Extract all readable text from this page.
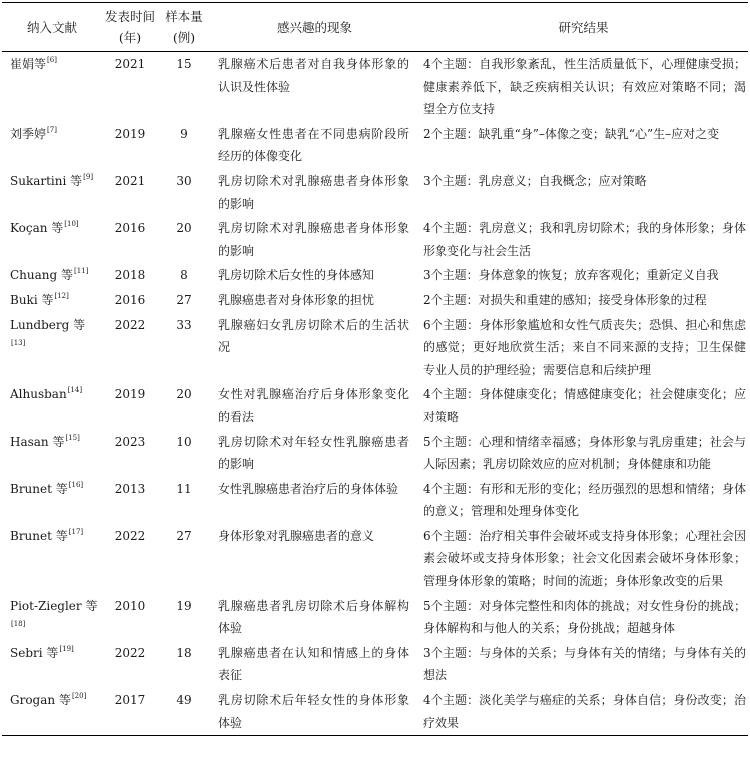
纳入文献	发表时间(年)	样本量(例)	感兴趣的现象	研究结果
崔娟等[6]	2021	15	乳腺癌术后患者对自我身体形象的认识及性体验	4个主题：自我形象紊乱，性生活质量低下，心理健康受损；健康素养低下，缺乏疾病相关认识；有效应对策略不同；渴望全方位支持
刘季婷[7]	2019	9	乳腺癌女性患者在不同患病阶段所经历的体像变化	2个主题：缺乳重“身”–体像之变；缺乳“心”生–应对之变
Sukartini 等[9]	2021	30	乳房切除术对乳腺癌患者身体形象的影响	3个主题：乳房意义；自我概念；应对策略
Koçan 等[10]	2016	20	乳房切除术对乳腺癌患者身体形象的影响	4个主题：乳房意义；我和乳房切除术；我的身体形象；身体形象变化与社会生活
Chuang 等[11]	2018	8	乳房切除术后女性的身体感知	3个主题：身体意象的恢复；放弃客观化；重新定义自我
Buki 等[12]	2016	27	乳腺癌患者对身体形象的担忧	2个主题：对损失和重建的感知；接受身体形象的过程
Lundberg 等[13]	2022	33	乳腺癌妇女乳房切除术后的生活状况	6个主题：身体形象尴尬和女性气质丧失；恐惧、担心和焦虑的感觉；更好地欣赏生活；来自不同来源的支持；卫生保健专业人员的护理经验；需要信息和后续护理
Alhusban[14]	2019	20	女性对乳腺癌治疗后身体形象变化的看法	4个主题：身体健康变化；情感健康变化；社会健康变化；应对策略
Hasan 等[15]	2023	10	乳房切除术对年轻女性乳腺癌患者的影响	5个主题：心理和情绪幸福感；身体形象与乳房重建；社会与人际因素；乳房切除效应的应对机制；身体健康和功能
Brunet 等[16]	2013	11	女性乳腺癌患者治疗后的身体体验	4个主题：有形和无形的变化；经历强烈的思想和情绪；身体的意义；管理和处理身体变化
Brunet 等[17]	2022	27	身体形象对乳腺癌患者的意义	6个主题：治疗相关事件会破坏或支持身体形象；心理社会因素会破坏或支持身体形象；社会文化因素会破坏身体形象；管理身体形象的策略；时间的流逝；身体形象改变的后果
Piot-Ziegler 等[18]	2010	19	乳腺癌患者乳房切除术后身体解构体验	5个主题：对身体完整性和肉体的挑战；对女性身份的挑战；身体解构和与他人的关系；身份挑战；超越身体
Sebri 等[19]	2022	18	乳腺癌患者在认知和情感上的身体表征	3个主题：与身体的关系；与身体有关的情绪；与身体有关的想法
Grogan 等[20]	2017	49	乳房切除术后年轻女性的身体形象体验	4个主题：淡化美学与癌症的关系；身体自信；身份改变；治疗效果
